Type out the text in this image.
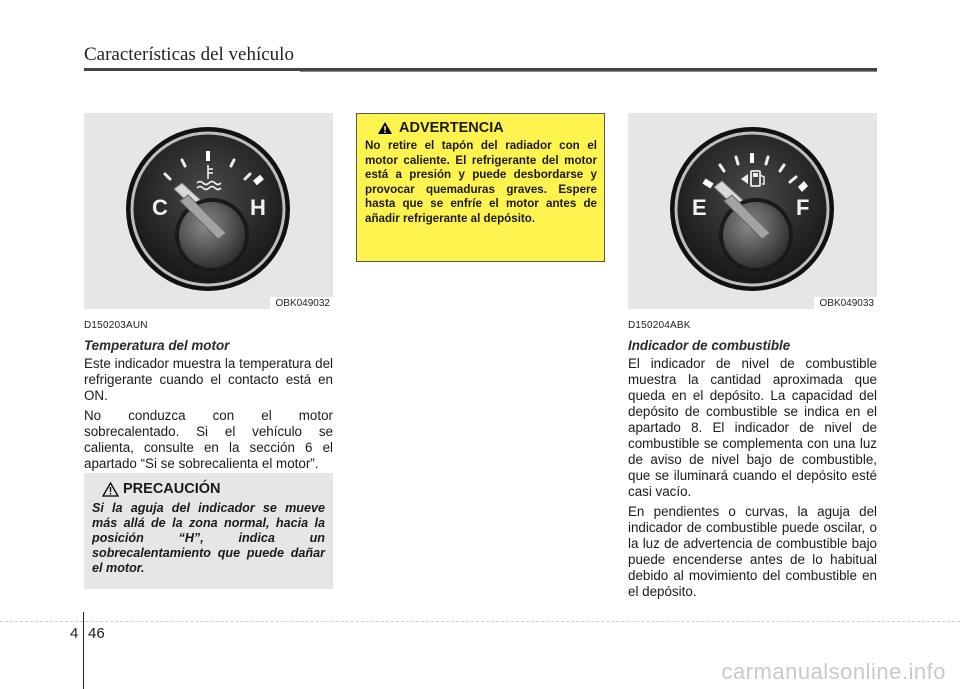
Características del vehículo
C	H
OBK049032
ADVERTENCIA
No retire el tapón del radiador con el motor caliente. El refrigerante del motor está a presión y puede desbordarse y provocar quemaduras graves. Espere hasta que se enfríe el motor antes de añadir refrigerante al depósito.	E	F
OBK049033
D150203AUN
Temperatura del motor

Este indicador muestra la temperatura del refrigerante cuando el contacto está en ON.

No conduzca con el motor sobrecalentado. Si el vehículo se calienta, consulte en la sección 6 el apartado “Si se sobrecalienta el motor”.

PRECAUCIÓN
Si la aguja del indicador se mueve más allá de la zona normal, hacia la posición “H”, indica un sobrecalentamiento que puede dañar el motor.
D150204ABK
Indicador de combustible

El indicador de nivel de combustible muestra la cantidad aproximada que queda en el depósito. La capacidad del depósito de combustible se indica en el apartado 8. El indicador de nivel de combustible se complementa con una luz de aviso de nivel bajo de combustible, que se iluminará cuando el depósito esté casi vacío.

En pendientes o curvas, la aguja del indicador de combustible puede oscilar, o la luz de advertencia de combustible bajo puede encenderse antes de lo habitual debido al movimiento del combustible en el depósito.

4 46
carmanualsonline.info
